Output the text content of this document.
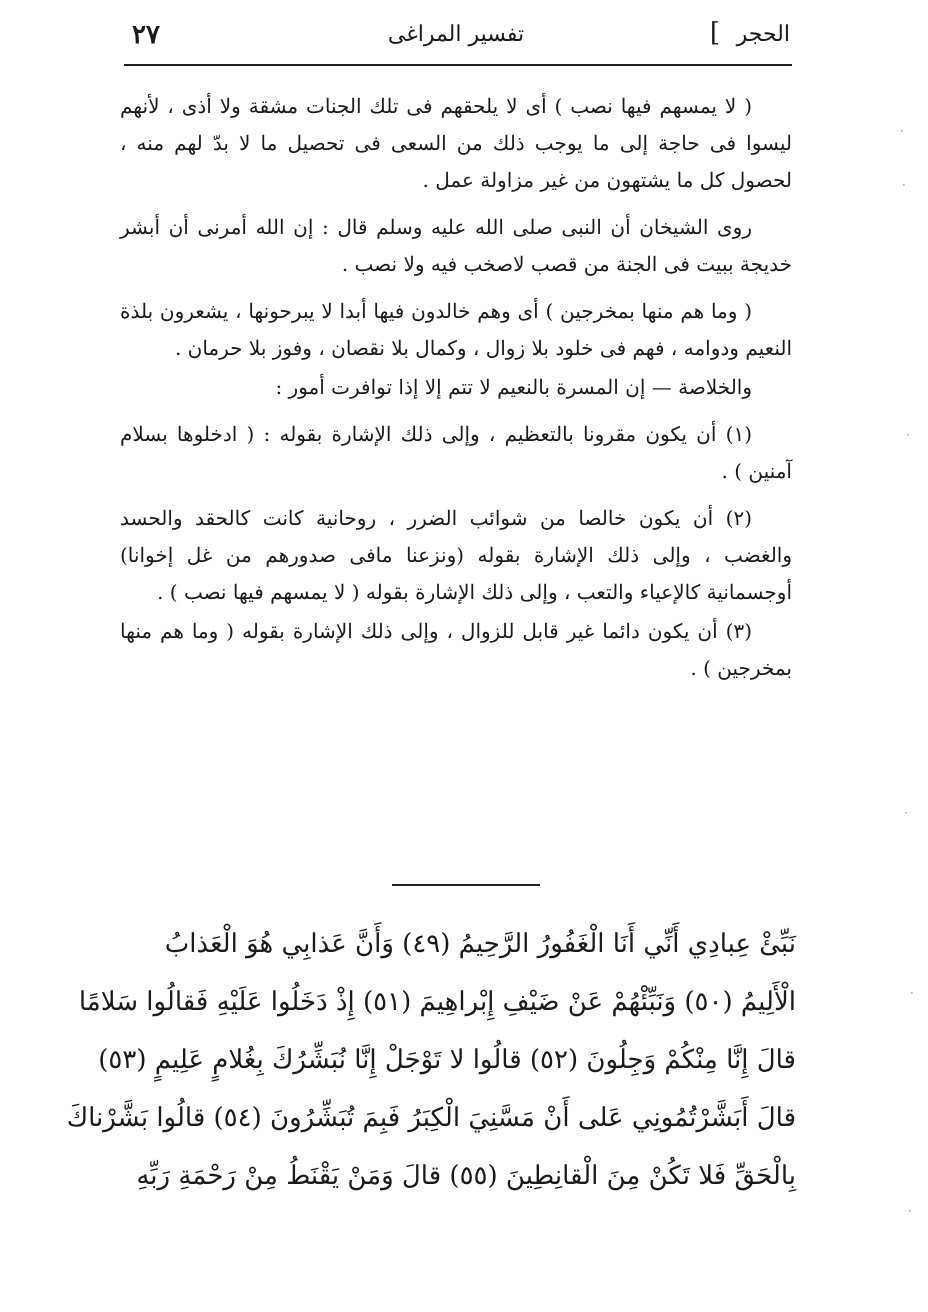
الحجر
]
تفسير المراغى
٢٧

( لا يمسهم فيها نصب ) أى لا يلحقهم فى تلك الجنات مشقة ولا أذى ، لأنهم ليسوا فى حاجة إلى ما يوجب ذلك من السعى فى تحصيل ما لا بدّ لهم منه ، لحصول كل ما يشتهون من غير مزاولة عمل .

روى الشيخان أن النبى صلى الله عليه وسلم قال : إن الله أمرنى أن أبشر خديجة ببيت فى الجنة من قصب لاصخب فيه ولا نصب .

( وما هم منها بمخرجين ) أى وهم خالدون فيها أبدا لا يبرحونها ، يشعرون بلذة النعيم ودوامه ، فهم فى خلود بلا زوال ، وكمال بلا نقصان ، وفوز بلا حرمان .

والخلاصة — إن المسرة بالنعيم لا تتم إلا إذا توافرت أمور :

(١) أن يكون مقرونا بالتعظيم ، وإلى ذلك الإشارة بقوله : ( ادخلوها بسلام آمنين ) .

(٢) أن يكون خالصا من شوائب الضرر ، روحانية كانت كالحقد والحسد والغضب ، وإلى ذلك الإشارة بقوله (ونزعنا مافى صدورهم من غل إخوانا) أوجسمانية كالإعياء والتعب ، وإلى ذلك الإشارة بقوله ( لا يمسهم فيها نصب ) .

(٣) أن يكون دائما غير قابل للزوال ، وإلى ذلك الإشارة بقوله ( وما هم منها بمخرجين ) .

نَبِّئْ عِبادِي أَنِّي أَنَا الْغَفُورُ الرَّحِيمُ (٤٩) وَأَنَّ عَذابِي هُوَ الْعَذابُ
الْأَلِيمُ (٥٠) وَنَبِّئْهُمْ عَنْ ضَيْفِ إِبْراهِيمَ (٥١) إِذْ دَخَلُوا عَلَيْهِ فَقالُوا سَلامًا
قالَ إِنَّا مِنْكُمْ وَجِلُونَ (٥٢) قالُوا لا تَوْجَلْ إِنَّا نُبَشِّرُكَ بِغُلامٍ عَلِيمٍ (٥٣)
قالَ أَبَشَّرْتُمُونِي عَلى أَنْ مَسَّنِيَ الْكِبَرُ فَبِمَ تُبَشِّرُونَ (٥٤) قالُوا بَشَّرْناكَ
بِالْحَقِّ فَلا تَكُنْ مِنَ الْقانِطِينَ (٥٥) قالَ وَمَنْ يَقْنَطُ مِنْ رَحْمَةِ رَبِّهِ
·
·
·
·
·
·
